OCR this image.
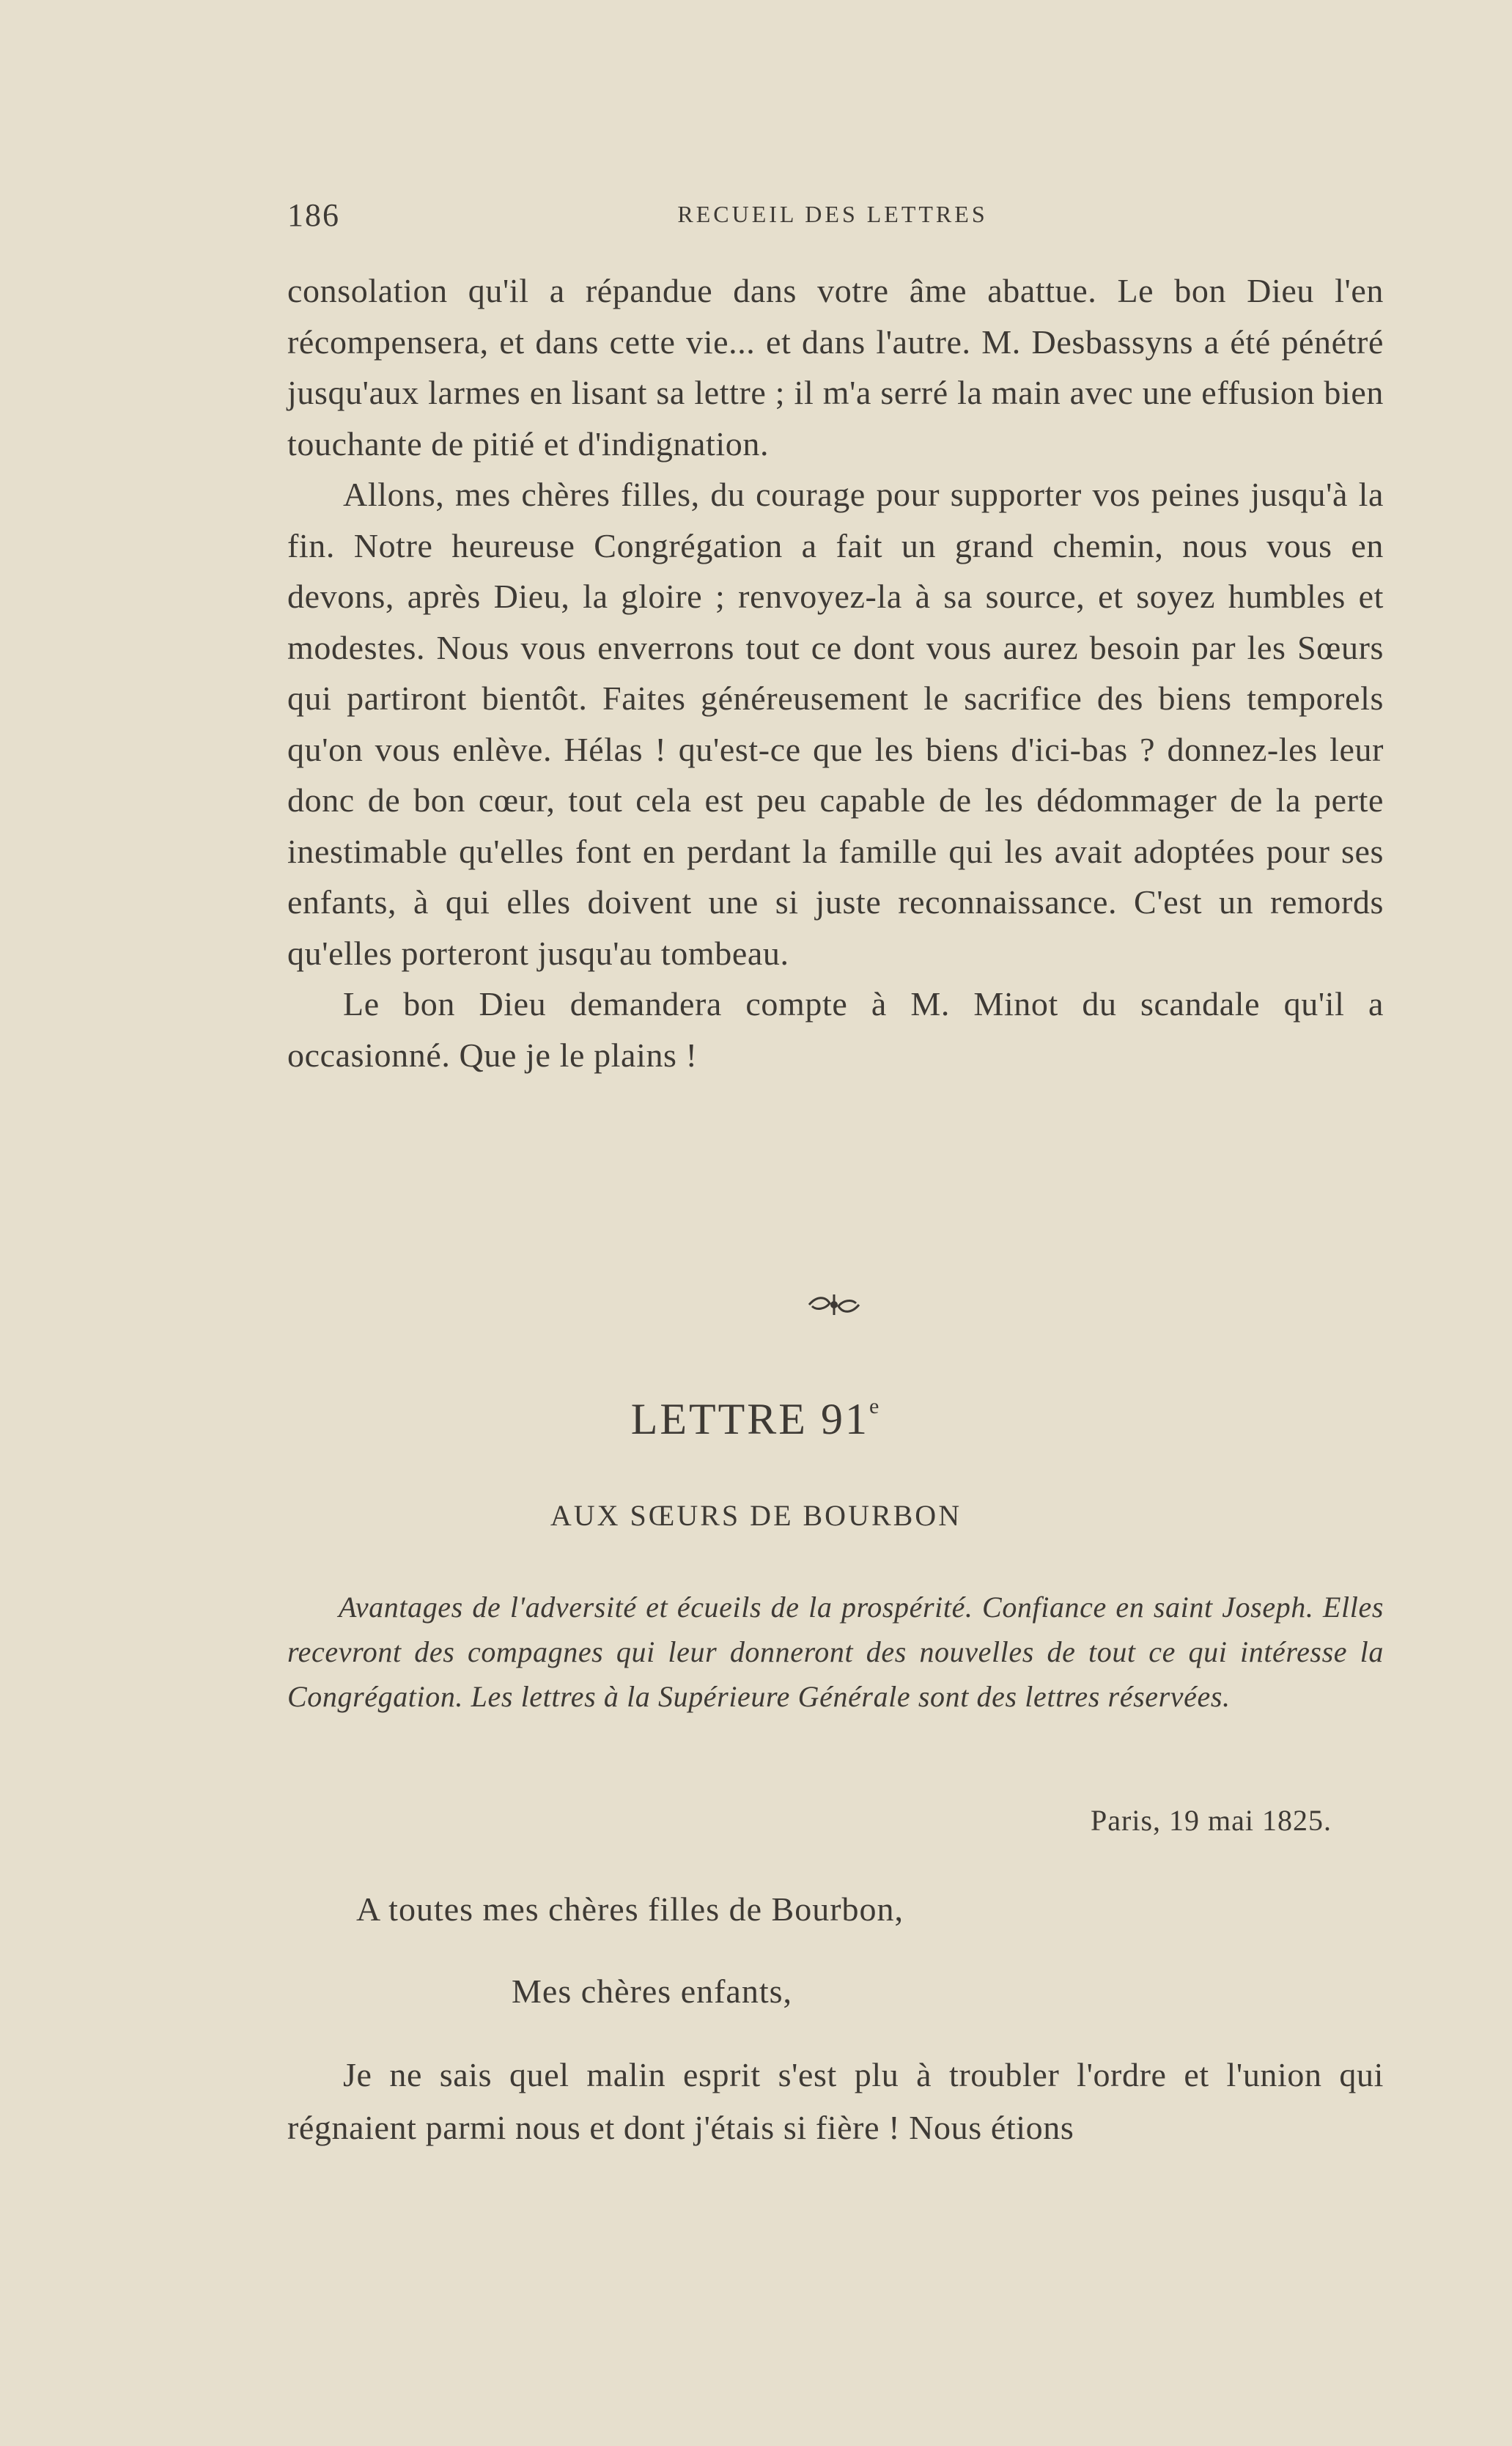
186	RECUEIL DES LETTRES

consolation qu'il a répandue dans votre âme abattue. Le bon Dieu l'en récompensera, et dans cette vie... et dans l'autre. M. Desbassyns a été pénétré jusqu'aux larmes en lisant sa lettre ; il m'a serré la main avec une effusion bien touchante de pitié et d'indignation.

Allons, mes chères filles, du courage pour supporter vos peines jusqu'à la fin. Notre heureuse Congrégation a fait un grand chemin, nous vous en devons, après Dieu, la gloire ; renvoyez-la à sa source, et soyez humbles et modestes. Nous vous enverrons tout ce dont vous aurez besoin par les Sœurs qui partiront bientôt. Faites généreusement le sacrifice des biens temporels qu'on vous enlève. Hélas ! qu'est-ce que les biens d'ici-bas ? donnez-les leur donc de bon cœur, tout cela est peu capable de les dédommager de la perte inestimable qu'elles font en perdant la famille qui les avait adoptées pour ses enfants, à qui elles doivent une si juste reconnaissance. C'est un remords qu'elles porteront jusqu'au tombeau.

Le bon Dieu demandera compte à M. Minot du scandale qu'il a occasionné. Que je le plains !

LETTRE 91e
AUX SŒURS DE BOURBON

Avantages de l'adversité et écueils de la prospérité. Confiance en saint Joseph. Elles recevront des compagnes qui leur donneront des nouvelles de tout ce qui intéresse la Congrégation. Les lettres à la Supérieure Générale sont des lettres réservées.

Paris, 19 mai 1825.
A toutes mes chères filles de Bourbon,
Mes chères enfants,

Je ne sais quel malin esprit s'est plu à troubler l'ordre et l'union qui régnaient parmi nous et dont j'étais si fière ! Nous étions
